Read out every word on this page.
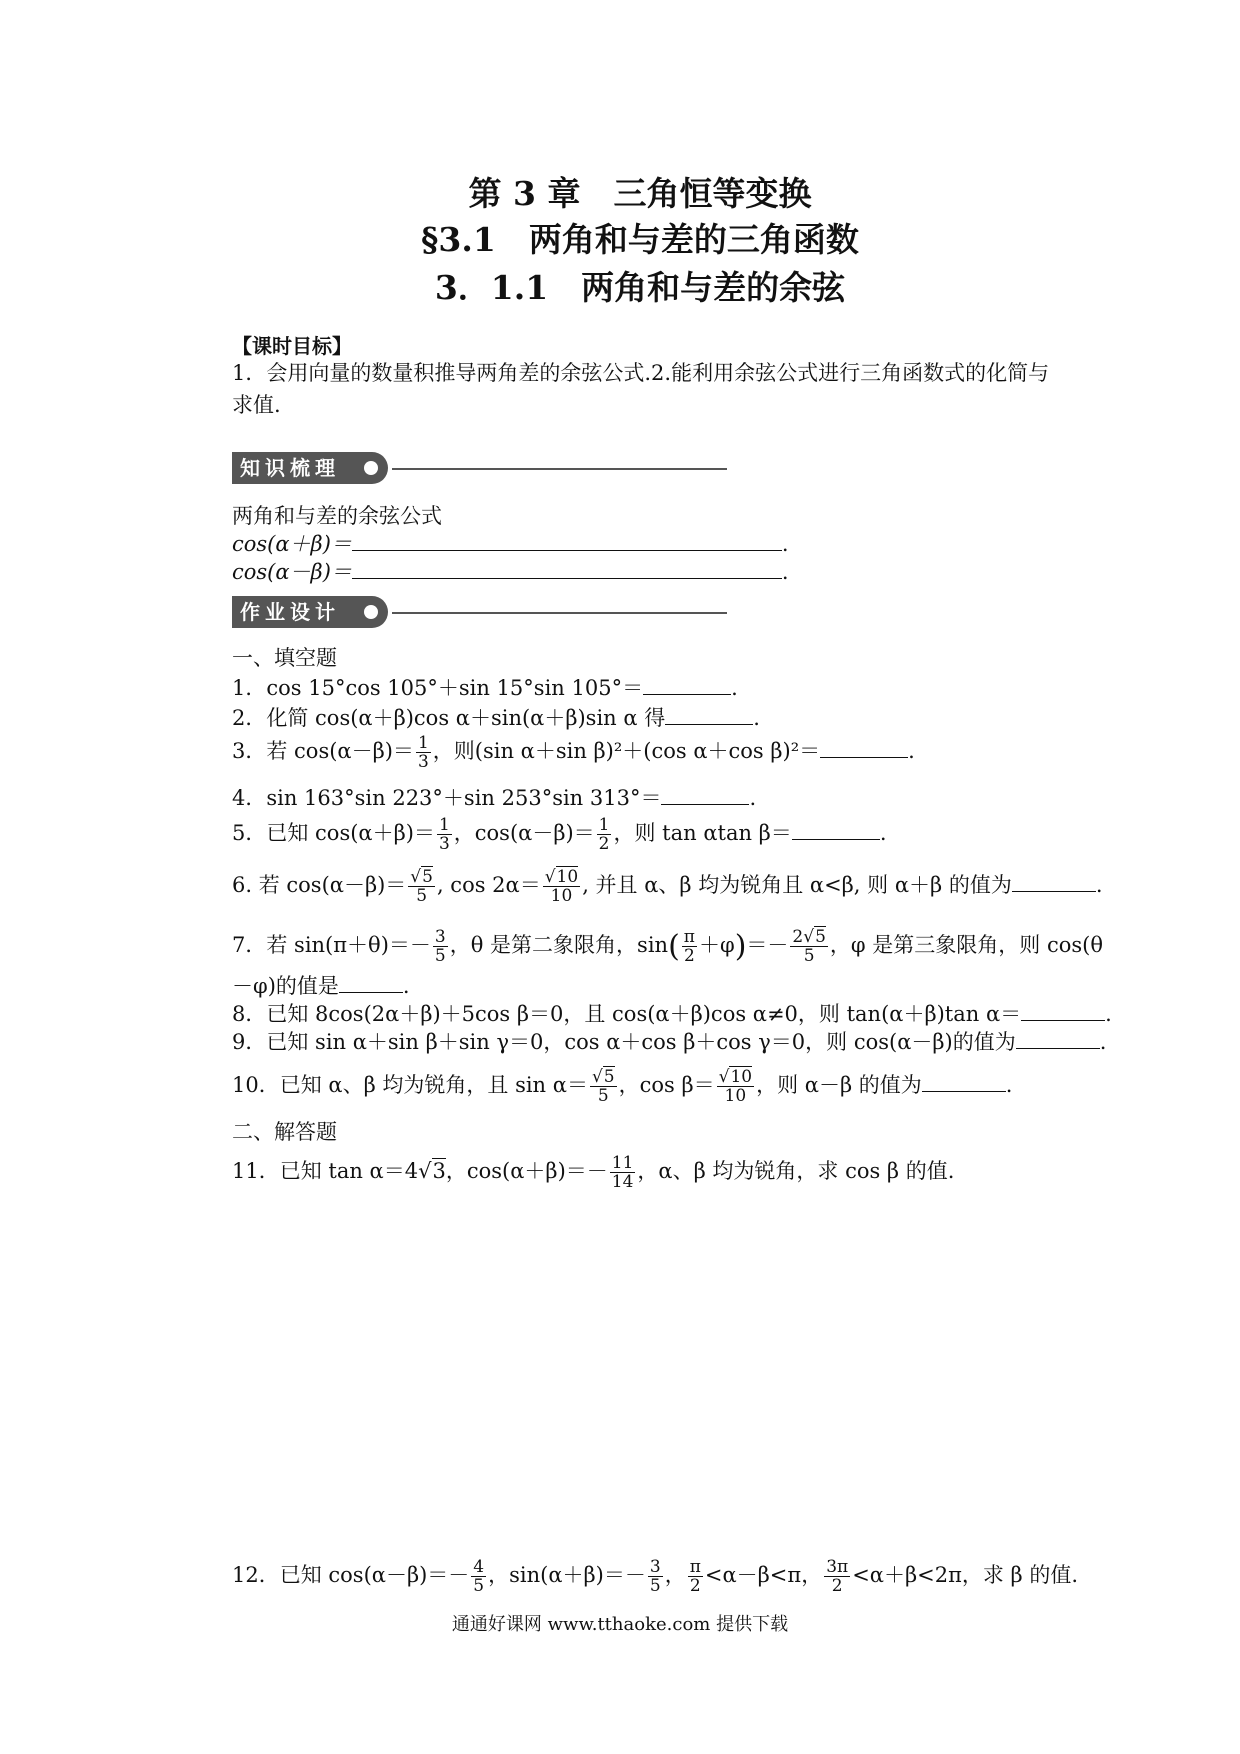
第 3 章　三角恒等变换
§3.1　两角和与差的三角函数
3．1.1　两角和与差的余弦
【课时目标】
1．会用向量的数量积推导两角差的余弦公式.2.能利用余弦公式进行三角函数式的化简与求值.
知识梳理
两角和与差的余弦公式
cos(α＋β)＝	.
cos(α－β)＝	.
作业设计
一、填空题
1．cos 15°cos 105°＋sin 15°sin 105°＝	.
2．化简 cos(α＋β)cos α＋sin(α＋β)sin α 得	.
3．若 $\cos(\alpha-\beta)= \frac{1}{3}$ ，则(sin α＋sin β)²＋(cos α＋cos β)²＝	.
4．sin 163°sin 223°＋sin 253°sin 313°＝	.
5．已知 $\cos(\alpha+\beta)= \frac{1}{3}$ ，$\cos(\alpha-\beta)= \frac{1}{2}$ ，则 tan αtan β＝	.
6. 若 $\cos(\alpha-\beta)= \frac{√5}{5}$ , $\cos 2\alpha= \frac{√10}{10}$ , 并且 α、β 均为锐角且 α<β, 则 α＋β 的值为	.
7．若 $\sin(\pi+\theta)=- \frac{3}{5}$ ，θ 是第二象限角，$\sin( \frac{\pi}{2} +\varphi)=- \frac{2√5}{5}$ ，φ 是第三象限角，则 cos(θ
－φ)的值是	.
8．已知 8cos(2α＋β)＋5cos β＝0，且 cos(α＋β)cos α≠0，则 tan(α＋β)tan α＝	.
9．已知 sin α＋sin β＋sin γ＝0，cos α＋cos β＋cos γ＝0，则 cos(α－β)的值为	.
10．已知 α、β 均为锐角，且 $\sin \alpha= \frac{√5}{5}$ ，$\cos \beta= \frac{√10}{10}$ ，则 α－β 的值为	.
二、解答题
11．已知 tan α＝4√3，$\cos(\alpha+\beta)=- \frac{11}{14}$ ，α、β 均为锐角，求 cos β 的值.
12．已知 $\cos(\alpha-\beta)=- \frac{4}{5}$ ，$\sin(\alpha+\beta)=- \frac{3}{5}$ ， $\frac{\pi}{2} <\alpha-\beta<\pi$， $\frac{3\pi}{2} <\alpha+\beta<2\pi$，求 β 的值.
通通好课网 www.tthaoke.com 提供下载
